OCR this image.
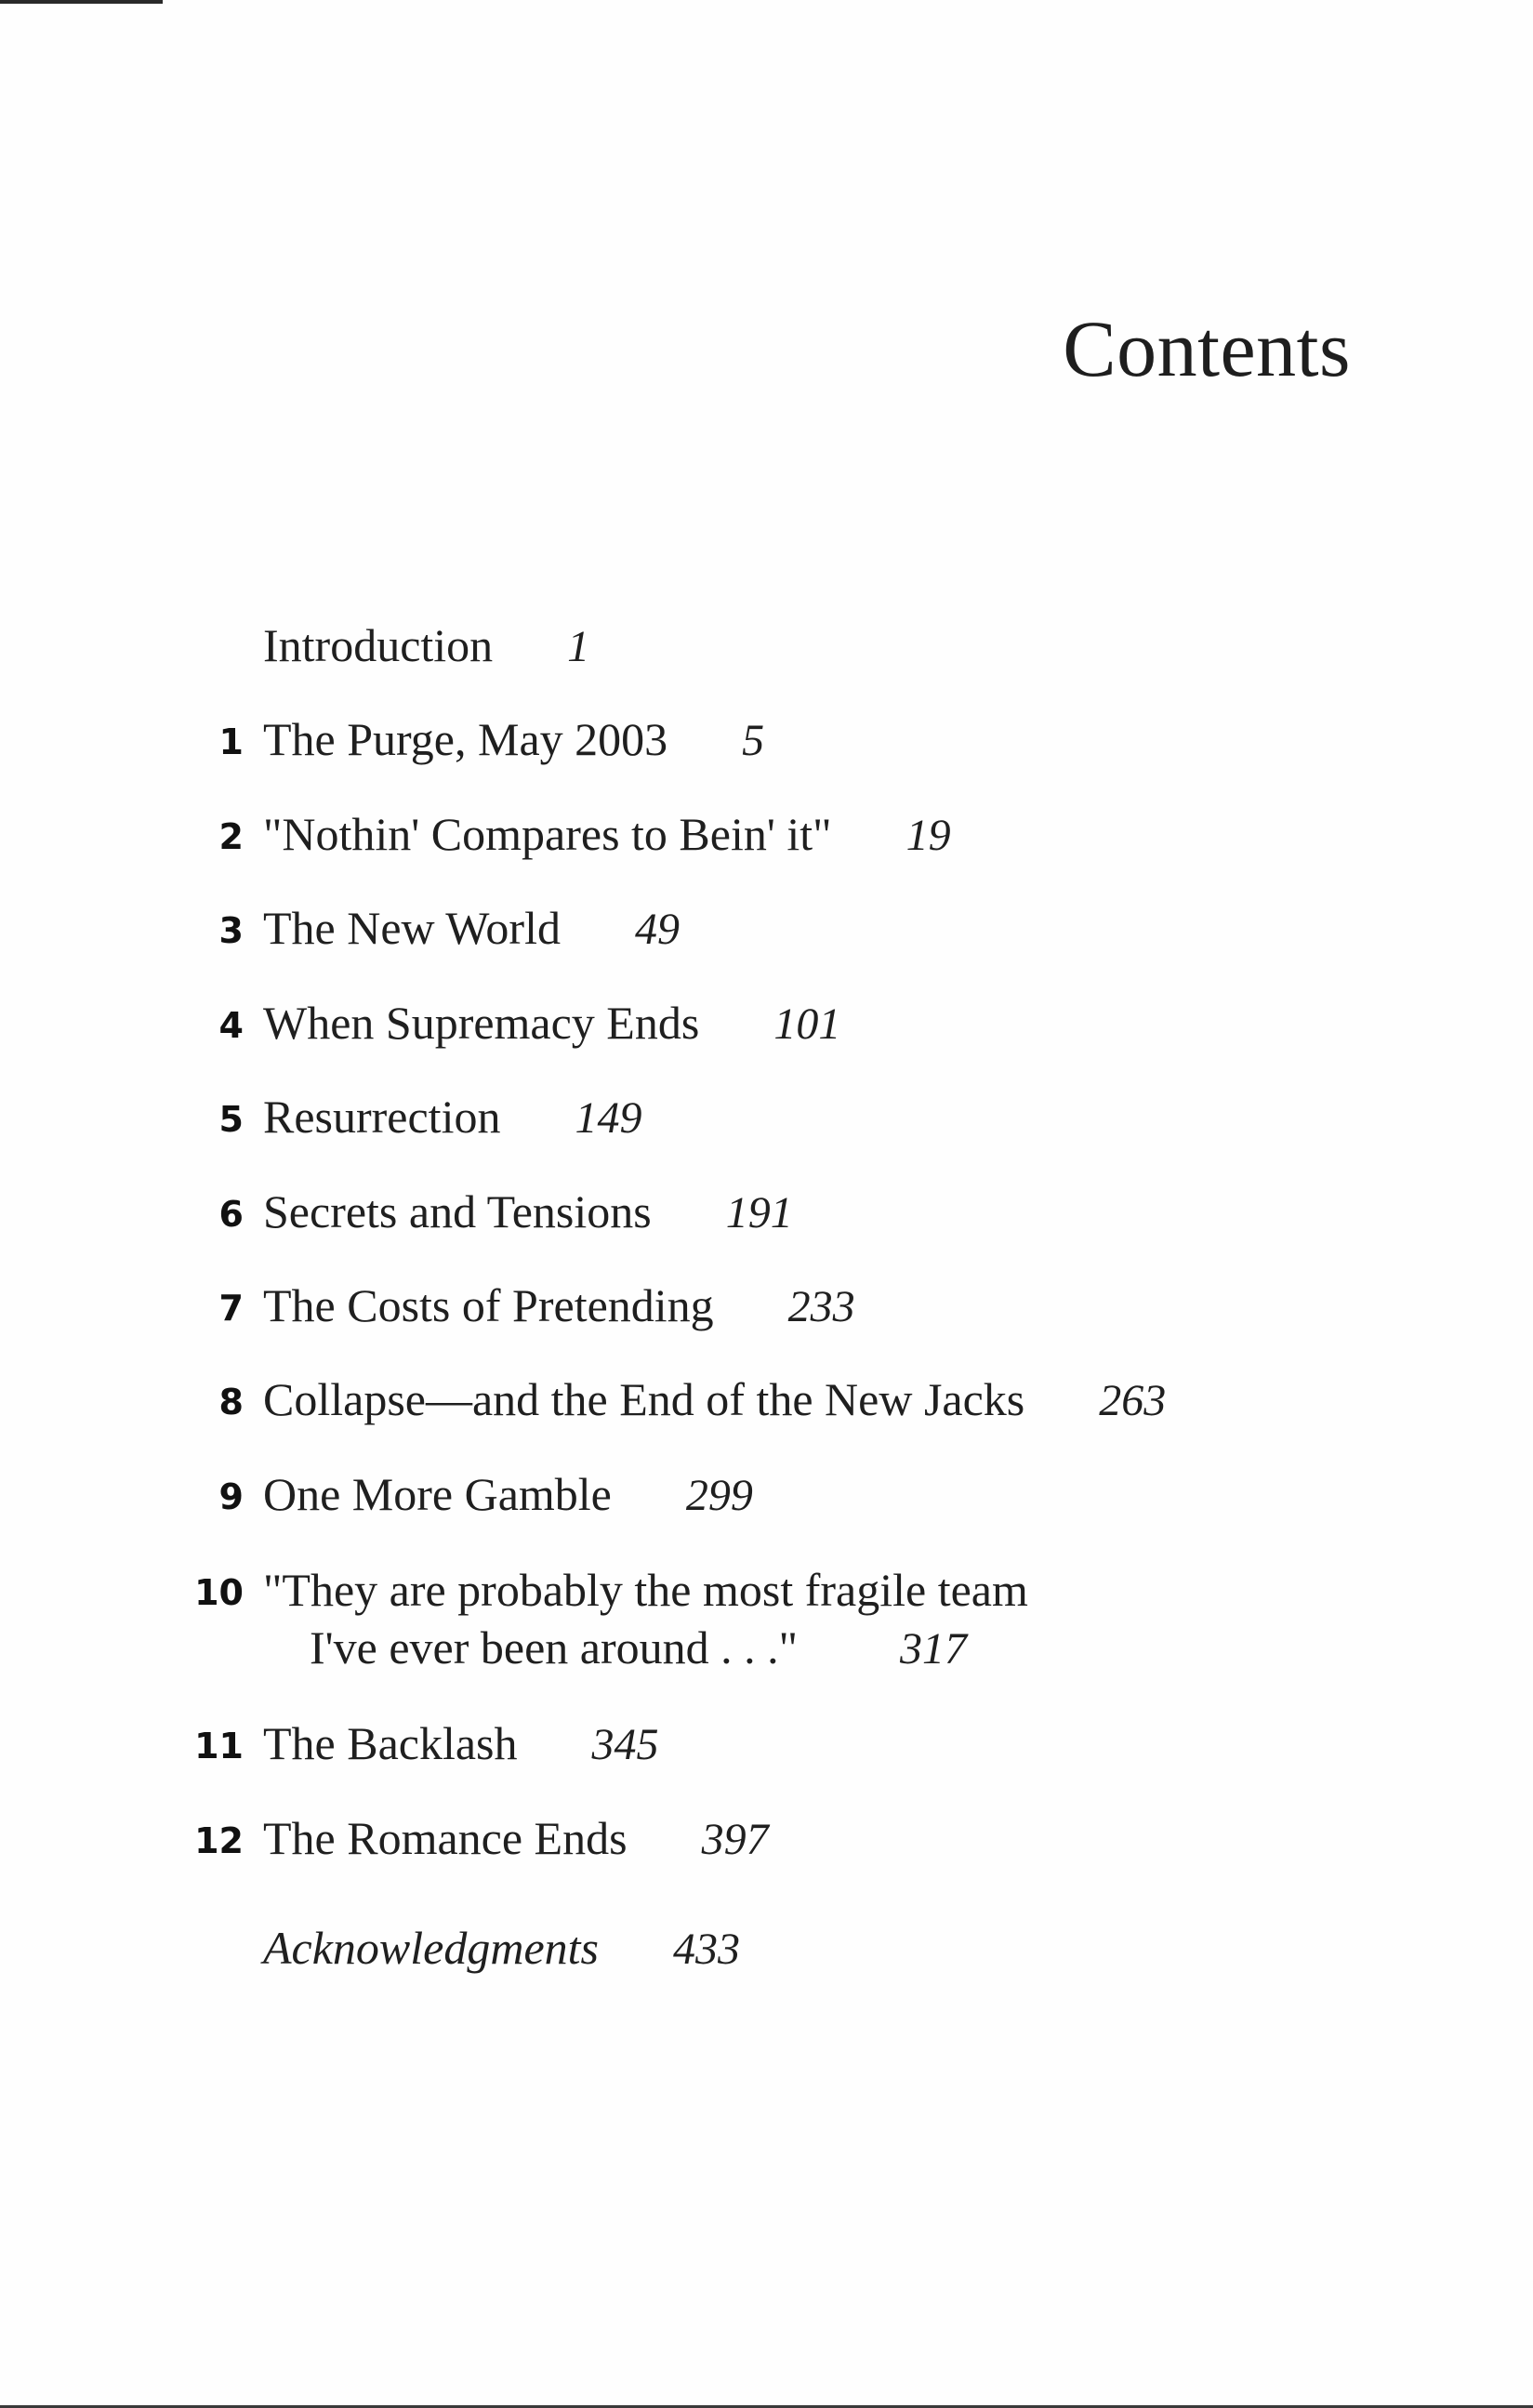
Contents
Introduction 1
1 The Purge, May 2003 5
2 "Nothin' Compares to Bein' it" 19
3 The New World 49
4 When Supremacy Ends 101
5 Resurrection 149
6 Secrets and Tensions 191
7 The Costs of Pretending 233
8 Collapse—and the End of the New Jacks 263
9 One More Gamble 299
10 "They are probably the most fragile team
I've ever been around . . ." 317
11 The Backlash 345
12 The Romance Ends 397
Acknowledgments 433
